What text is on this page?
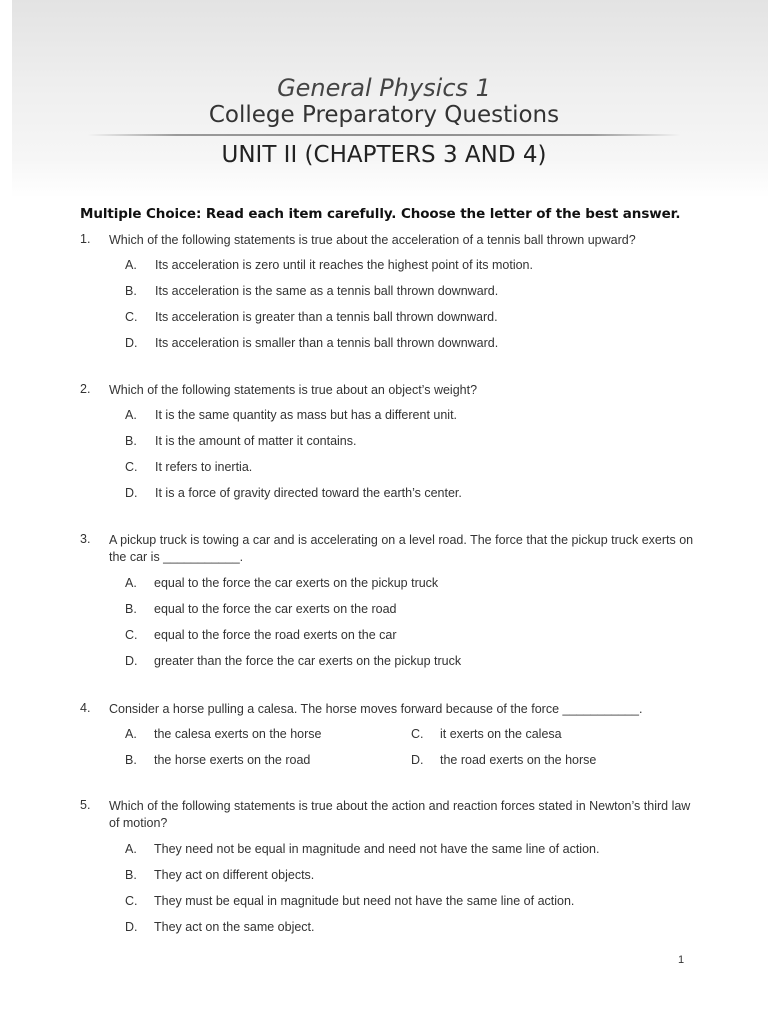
General Physics 1
College Preparatory Questions
UNIT II (CHAPTERS 3 AND 4)
Multiple Choice: Read each item carefully. Choose the letter of the best answer.
1. Which of the following statements is true about the acceleration of a tennis ball thrown upward?
A. Its acceleration is zero until it reaches the highest point of its motion.
B. Its acceleration is the same as a tennis ball thrown downward.
C. Its acceleration is greater than a tennis ball thrown downward.
D. Its acceleration is smaller than a tennis ball thrown downward.
2. Which of the following statements is true about an object’s weight?
A. It is the same quantity as mass but has a different unit.
B. It is the amount of matter it contains.
C. It refers to inertia.
D. It is a force of gravity directed toward the earth’s center.
3. A pickup truck is towing a car and is accelerating on a level road. The force that the pickup truck exerts on the car is ___________.
A. equal to the force the car exerts on the pickup truck
B. equal to the force the car exerts on the road
C. equal to the force the road exerts on the car
D. greater than the force the car exerts on the pickup truck
4. Consider a horse pulling a calesa. The horse moves forward because of the force ___________.
A. the calesa exerts on the horse	C. it exerts on the calesa
B. the horse exerts on the road	D. the road exerts on the horse
5. Which of the following statements is true about the action and reaction forces stated in Newton’s third law of motion?
A. They need not be equal in magnitude and need not have the same line of action.
B. They act on different objects.
C. They must be equal in magnitude but need not have the same line of action.
D. They act on the same object.
1
